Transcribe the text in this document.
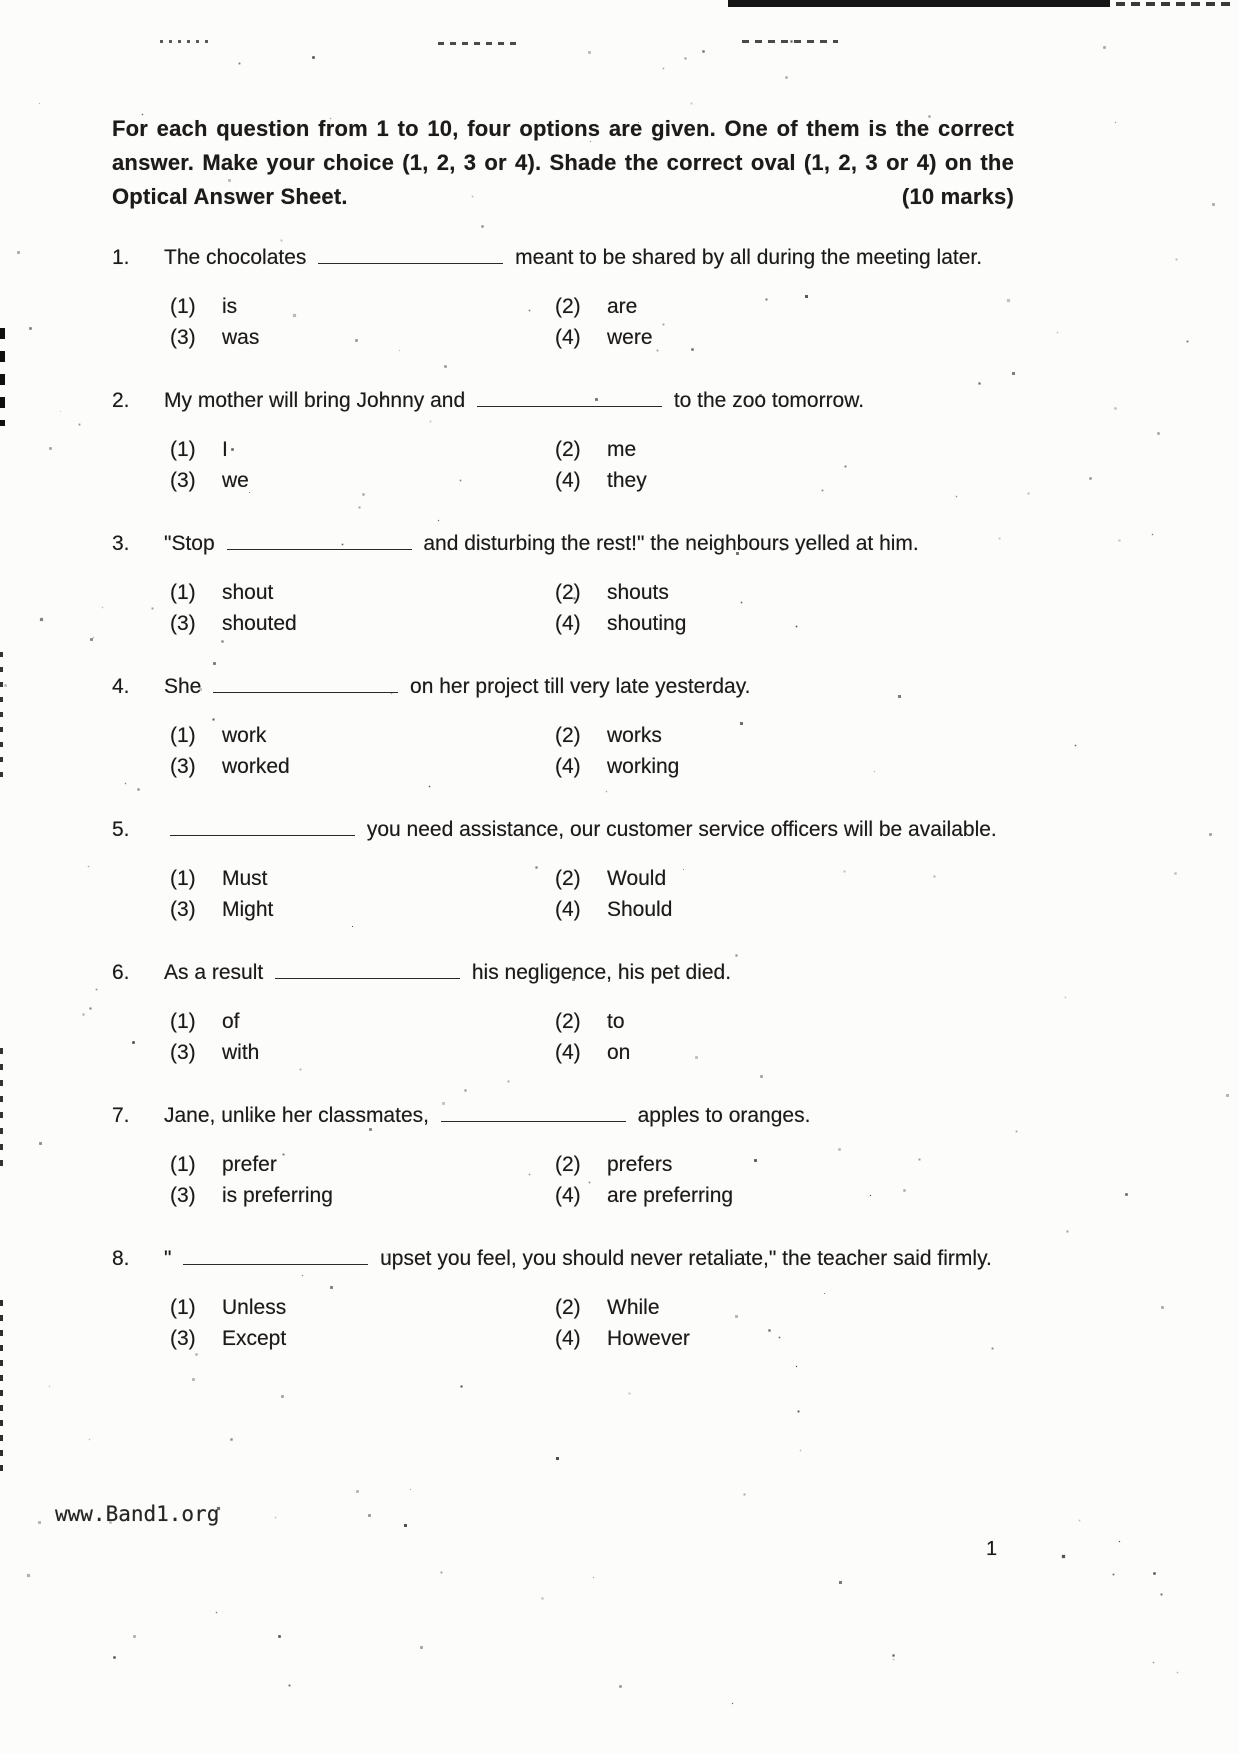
For each question from 1 to 10, four options are given. One of them is the correct answer. Make your choice (1, 2, 3 or 4). Shade the correct oval (1, 2, 3 or 4) on the Optical Answer Sheet.	(10 marks)
1. The chocolates	meant to be shared by all during the meeting later.
(1)	is	(2)	are
(3)	was	(4)	were
2. My mother will bring Johnny and	to the zoo tomorrow.
(1)	I	(2)	me
(3)	we	(4)	they
3. "Stop	and disturbing the rest!" the neighbours yelled at him.
(1)	shout	(2)	shouts
(3)	shouted	(4)	shouting
4. She	on her project till very late yesterday.
(1)	work	(2)	works
(3)	worked	(4)	working
5.	you need assistance, our customer service officers will be available.
(1)	Must	(2)	Would
(3)	Might	(4)	Should
6. As a result	his negligence, his pet died.
(1)	of	(2)	to
(3)	with	(4)	on
7. Jane, unlike her classmates,	apples to oranges.
(1)	prefer	(2)	prefers
(3)	is preferring	(4)	are preferring
8. "	upset you feel, you should never retaliate," the teacher said firmly.
(1)	Unless	(2)	While
(3)	Except	(4)	However
www.Band1.org
1
